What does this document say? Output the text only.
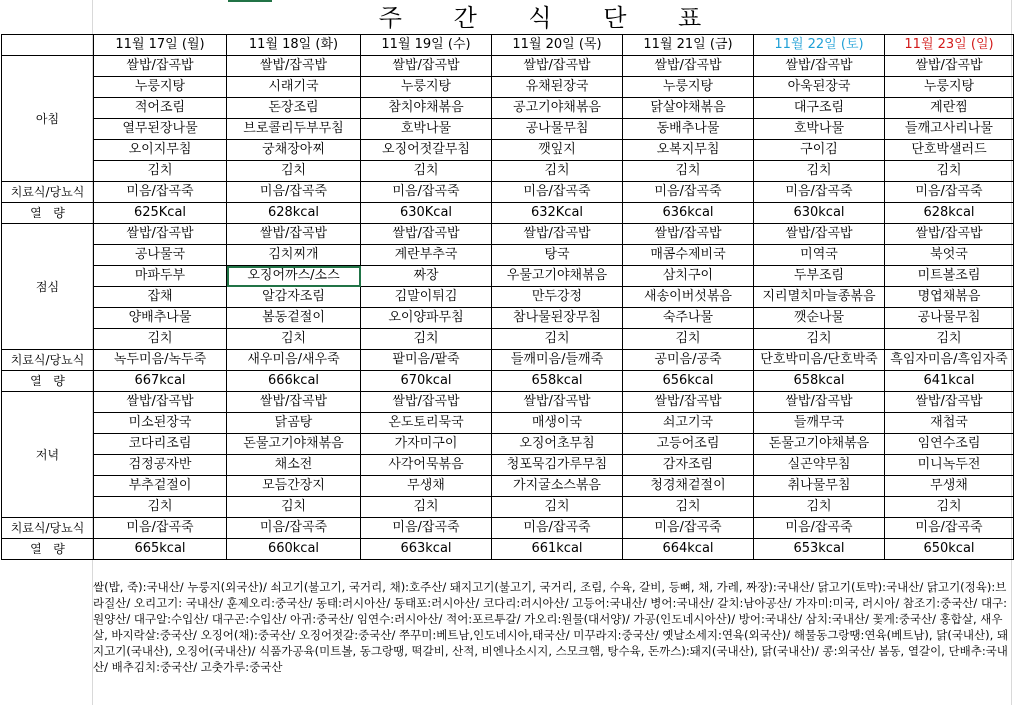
주 간 식 단 표
	11월 17일 (월)	11월 18일 (화)	11월 19일 (수)	11월 20일 (목)	11월 21일 (금)	11월 22일 (토)	11월 23일 (일)
아침	쌀밥/잡곡밥	쌀밥/잡곡밥	쌀밥/잡곡밥	쌀밥/잡곡밥	쌀밥/잡곡밥	쌀밥/잡곡밥	쌀밥/잡곡밥
	누룽지탕	시래기국	누룽지탕	유채된장국	누룽지탕	아욱된장국	누룽지탕
	적어조림	돈장조림	참치야채볶음	공고기야채볶음	닭살야채볶음	대구조림	계란찜
	열무된장나물	브로콜리두부무침	호박나물	공나물무침	동배추나물	호박나물	들깨고사리나물
	오이지무침	궁채장아찌	오징어젓갈무침	깻잎지	오복지무침	구이김	단호박샐러드
	김치	김치	김치	김치	김치	김치	김치
치료식/당뇨식	미음/잡곡죽	미음/잡곡죽	미음/잡곡죽	미음/잡곡죽	미음/잡곡죽	미음/잡곡죽	미음/잡곡죽
열   량	625Kcal	628kcal	630Kcal	632Kcal	636kcal	630kcal	628kcal
점심	쌀밥/잡곡밥	쌀밥/잡곡밥	쌀밥/잡곡밥	쌀밥/잡곡밥	쌀밥/잡곡밥	쌀밥/잡곡밥	쌀밥/잡곡밥
	공나물국	김치찌개	계란부추국	탕국	매콤수제비국	미역국	북엇국
	마파두부	오징어까스/소스	짜장	우물고기야채볶음	삼치구이	두부조림	미트볼조림
	잡채	알감자조림	김말이튀김	만두강정	새송이버섯볶음	지리멸치마늘종볶음	명엽채볶음
	양배추나물	봄동겉절이	오이양파무침	참나물된장무침	숙주나물	깻순나물	공나물무침
	김치	김치	김치	김치	김치	김치	김치
치료식/당뇨식	녹두미음/녹두죽	새우미음/새우죽	팥미음/팥죽	들깨미음/들깨죽	공미음/공죽	단호박미음/단호박죽	흑임자미음/흑임자죽
열   량	667kcal	666kcal	670kcal	658kcal	656kcal	658kcal	641kcal
저녁	쌀밥/잡곡밥	쌀밥/잡곡밥	쌀밥/잡곡밥	쌀밥/잡곡밥	쌀밥/잡곡밥	쌀밥/잡곡밥	쌀밥/잡곡밥
	미소된장국	닭곰탕	온도토리묵국	매생이국	쇠고기국	들깨무국	재첩국
	코다리조림	돈물고기야채볶음	가자미구이	오징어초무침	고등어조림	돈물고기야채볶음	임연수조림
	검정공자반	채소전	사각어묵볶음	청포묵김가루무침	감자조림	실곤약무침	미니녹두전
	부추겉절이	모듬간장지	무생채	가지굴소스볶음	청경채겉절이	취나물무침	무생채
	김치	김치	김치	김치	김치	김치	김치
치료식/당뇨식	미음/잡곡죽	미음/잡곡죽	미음/잡곡죽	미음/잡곡죽	미음/잡곡죽	미음/잡곡죽	미음/잡곡죽
열   량	665kcal	660kcal	663kcal	661kcal	664kcal	653kcal	650kcal
쌀(밥, 죽):국내산/ 누룽지(외국산)/ 쇠고기(불고기, 국거리, 채):호주산/ 돼지고기(불고기, 국거리, 조림, 수육, 갈비, 등뼈, 채, 가레, 짜장):국내산/ 닭고기(토막):국내산/ 닭고기(정육):브라질산/ 오리고기: 국내산/ 훈제오리:중국산/ 동태:러시아산/ 동태포:러시아산/ 코다리:러시아산/ 고등어:국내산/ 병어:국내산/ 갈치:남아공산/ 가자미:미국, 러시아/ 참조기:중국산/ 대구:원양산/ 대구알:수입산/ 대구곤:수입산/ 아귀:중국산/ 임연수:러시아산/ 적어:포르투갈/ 가오리:원물(대서양)/ 가공(인도네시아산)/ 방어:국내산/ 삼치:국내산/ 꽃게:중국산/ 홍합살, 새우살, 바지락살:중국산/ 오징어(채):중국산/ 오징어젓갈:중국산/ 쭈꾸미:베트남,인도네시아,태국산/ 미꾸라지:중국산/ 옛날소세지:연육(외국산)/ 해물동그랑땡:연육(베트남), 닭(국내산), 돼지고기(국내산), 오징어(국내산)/ 식품가공육(미트볼, 동그랑땡, 떡갈비, 산적, 비엔나소시지, 스모크햄, 탕수육, 돈까스):돼지(국내산), 닭(국내산)/ 콩:외국산/ 봄동, 열갈이, 단배추:국내산/ 배추김치:중국산/ 고춧가루:중국산
